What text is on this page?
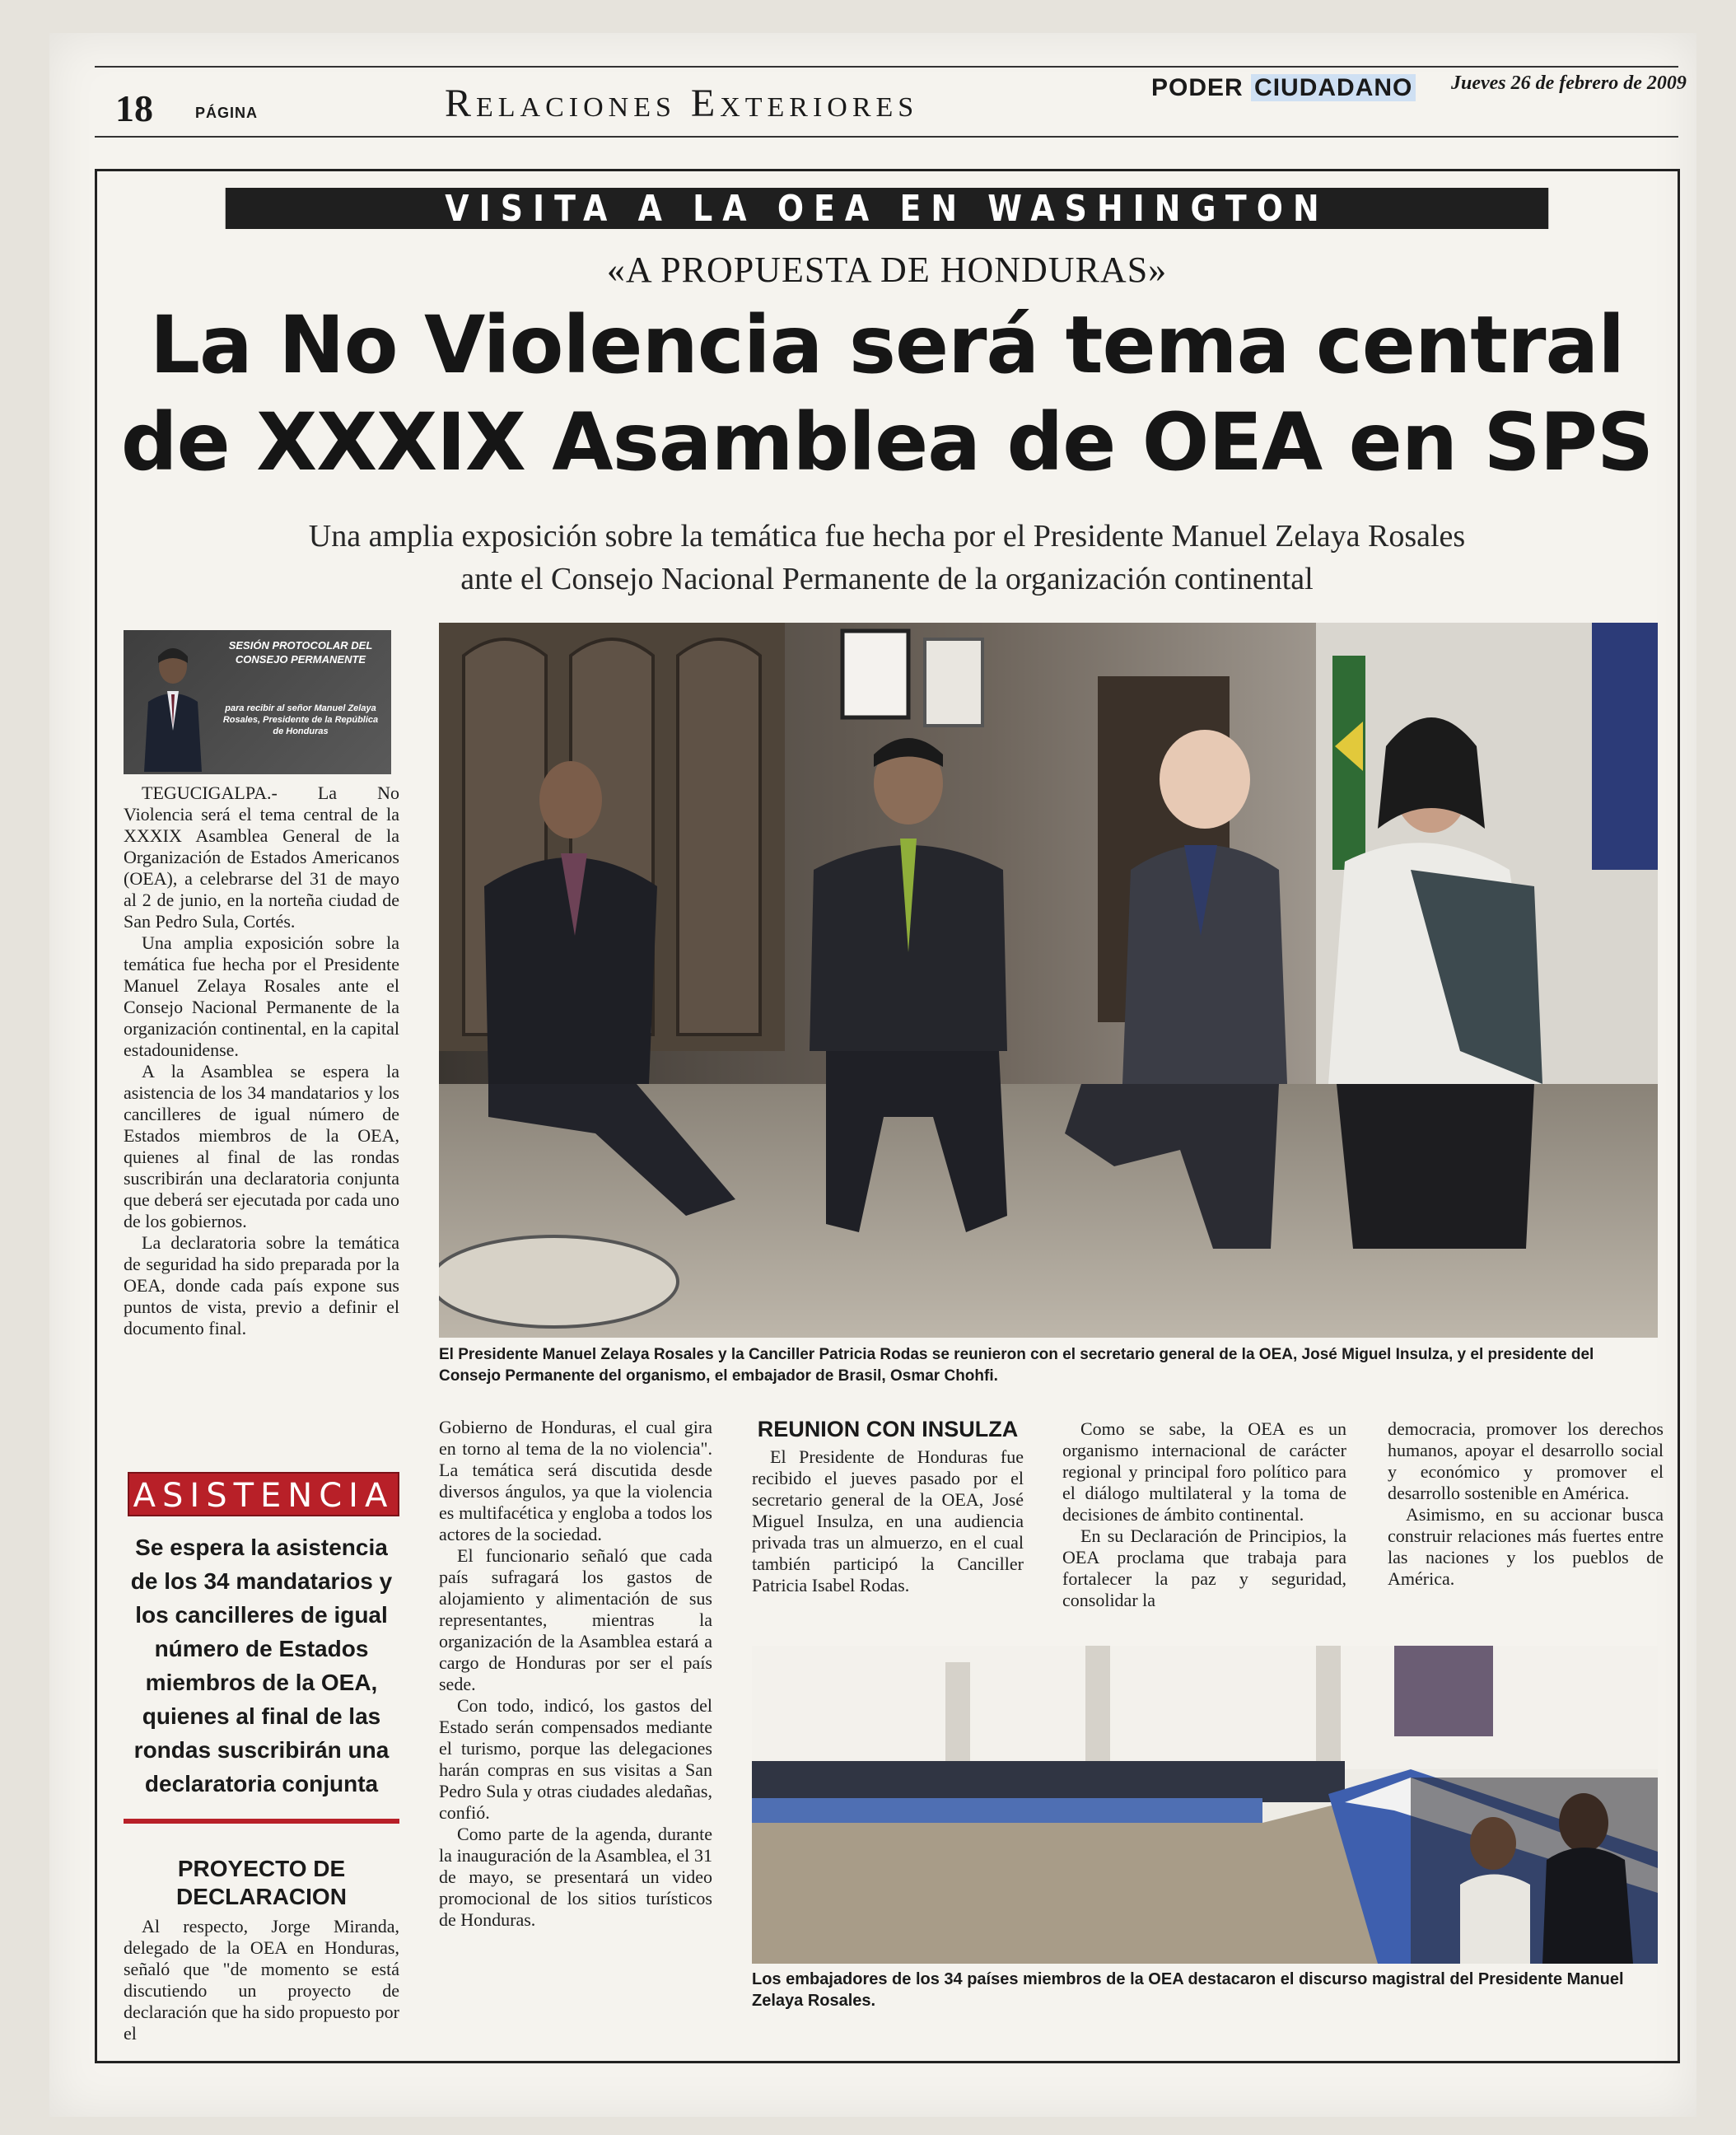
18	PÁGINA	Relaciones Exteriores	PODER CIUDADANO Jueves 26 de febrero de 2009
VISITA A LA OEA EN WASHINGTON
«A PROPUESTA DE HONDURAS»
La No Violencia será tema central
de XXXIX Asamblea de OEA en SPS
Una amplia exposición sobre la temática fue hecha por el Presidente Manuel Zelaya Rosales
ante el Consejo Nacional Permanente de la organización continental
SESIÓN PROTOCOLAR DEL CONSEJO PERMANENTE
para recibir al señor Manuel Zelaya Rosales, Presidente de la República de Honduras

TEGUCIGALPA.- La No Violencia será el tema central de la XXXIX Asamblea General de la Organización de Estados Americanos (OEA), a celebrarse del 31 de mayo al 2 de junio, en la norteña ciudad de San Pedro Sula, Cortés.

Una amplia exposición sobre la temática fue hecha por el Presidente Manuel Zelaya Rosales ante el Consejo Nacional Permanente de la organización continental, en la capital estadounidense.

A la Asamblea se espera la asistencia de los 34 mandatarios y los cancilleres de igual número de Estados miembros de la OEA, quienes al final de las rondas suscribirán una declaratoria conjunta que deberá ser ejecutada por cada uno de los gobiernos.

La declaratoria sobre la temática de seguridad ha sido preparada por la OEA, donde cada país expone sus puntos de vista, previo a definir el documento final.

ASISTENCIA
Se espera la asistencia de los 34 mandatarios y los cancilleres de igual número de Estados miembros de la OEA, quienes al final de las rondas suscribirán una declaratoria conjunta
PROYECTO DE
DECLARACION

Al respecto, Jorge Miranda, delegado de la OEA en Honduras, señaló que "de momento se está discutiendo un proyecto de declaración que ha sido propuesto por el

El Presidente Manuel Zelaya Rosales y la Canciller Patricia Rodas se reunieron con el secretario general de la OEA, José Miguel Insulza, y el presidente del Consejo Permanente del organismo, el embajador de Brasil, Osmar Chohfi.

Gobierno de Honduras, el cual gira en torno al tema de la no violencia". La temática será discutida desde diversos ángulos, ya que la violencia es multifacética y engloba a todos los actores de la sociedad.

El funcionario señaló que cada país sufragará los gastos de alojamiento y alimentación de sus representantes, mientras la organización de la Asamblea estará a cargo de Honduras por ser el país sede.

Con todo, indicó, los gastos del Estado serán compensados mediante el turismo, porque las delegaciones harán compras en sus visitas a San Pedro Sula y otras ciudades aledañas, confió.

Como parte de la agenda, durante la inauguración de la Asamblea, el 31 de mayo, se presentará un video promocional de los sitios turísticos de Honduras.

REUNION CON INSULZA

El Presidente de Honduras fue recibido el jueves pasado por el secretario general de la OEA, José Miguel Insulza, en una audiencia privada tras un almuerzo, en el cual también participó la Canciller Patricia Isabel Rodas.

Como se sabe, la OEA es un organismo internacional de carácter regional y principal foro político para el diálogo multilateral y la toma de decisiones de ámbito continental.

En su Declaración de Principios, la OEA proclama que trabaja para fortalecer la paz y seguridad, consolidar la

democracia, promover los derechos humanos, apoyar el desarrollo social y económico y promover el desarrollo sostenible en América.

Asimismo, en su accionar busca construir relaciones más fuertes entre las naciones y los pueblos de América.

Los embajadores de los 34 países miembros de la OEA destacaron el discurso magistral del Presidente Manuel Zelaya Rosales.
